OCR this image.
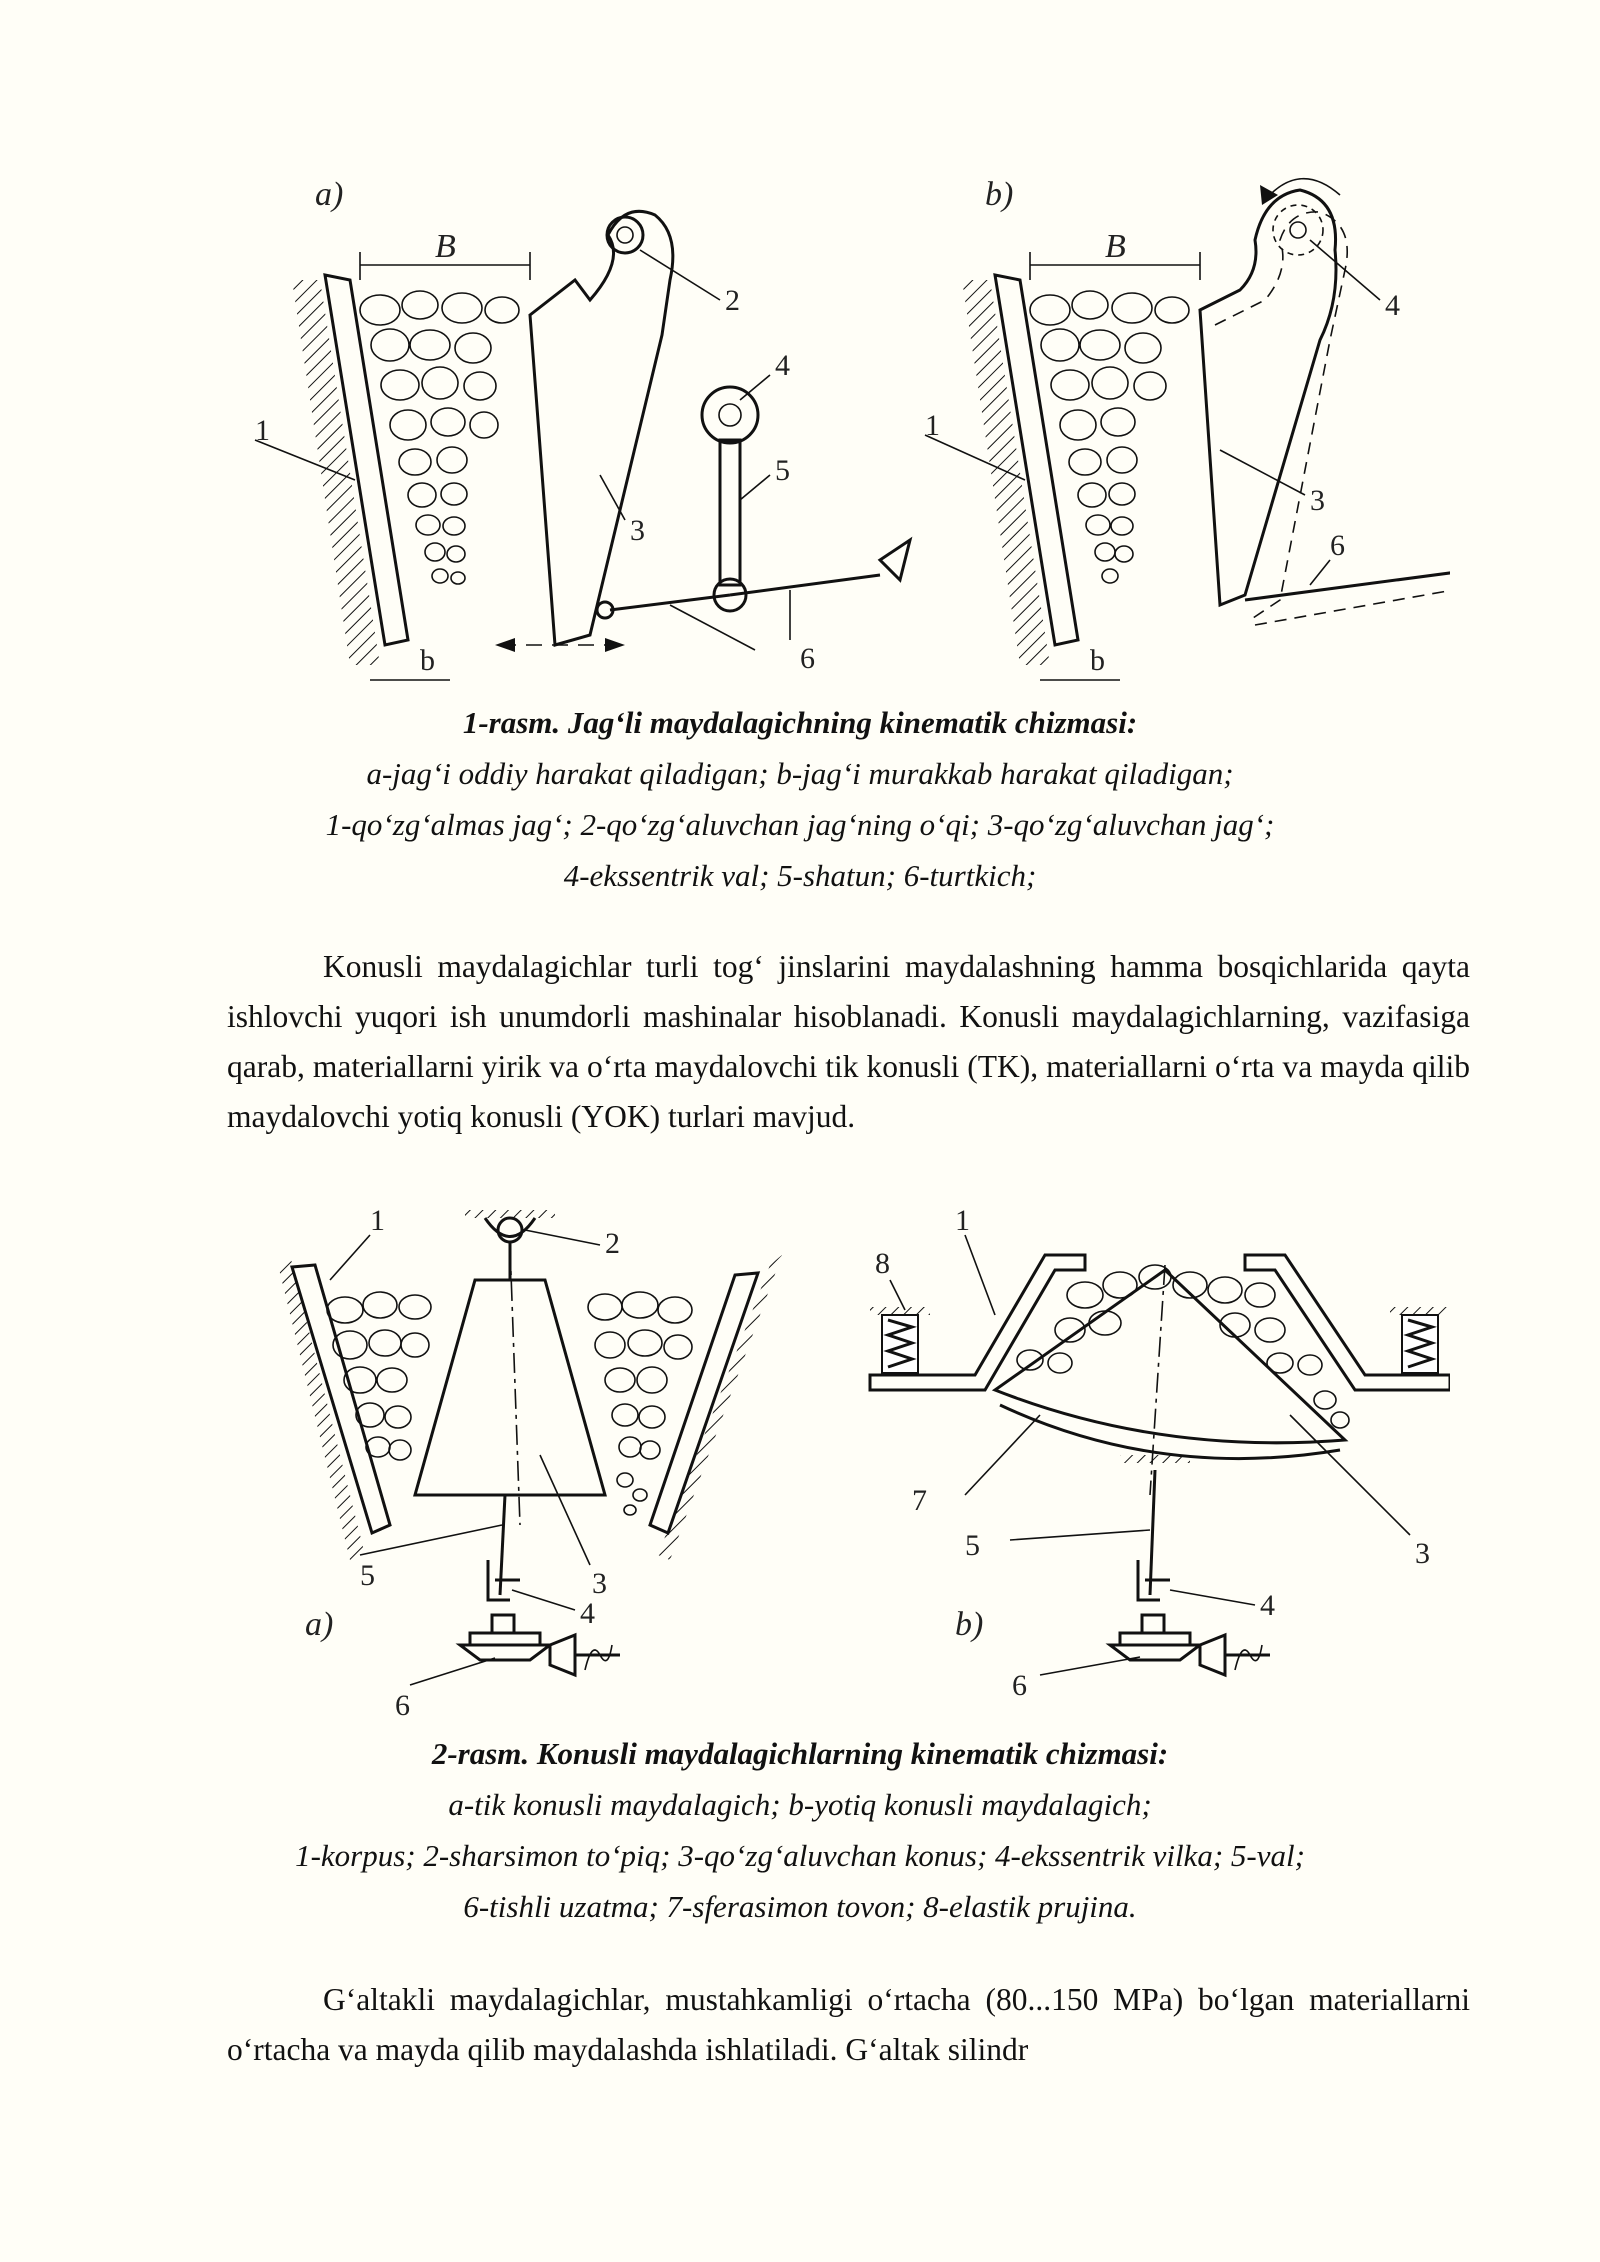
a)
B
b
1
2
3
4
5
6
b)
B
b
1
3
4
6
1-rasm. Jag‘li maydalagichning kinematik chizmasi:
a-jag‘i oddiy harakat qiladigan; b-jag‘i murakkab harakat qiladigan;
1-qo‘zg‘almas jag‘; 2-qo‘zg‘aluvchan jag‘ning o‘qi; 3-qo‘zg‘aluvchan jag‘;
4-ekssentrik val; 5-shatun; 6-turtkich;

Konusli maydalagichlar turli tog‘ jinslarini maydalashning hamma bosqichlarida qayta ishlovchi yuqori ish unumdorli mashinalar hisoblanadi. Konusli maydalagichlarning, vazifasiga qarab, materiallarni yirik va o‘rta maydalovchi tik konusli (TK), materiallarni o‘rta va mayda qilib maydalovchi yotiq konusli (YOK) turlari mavjud.

a)
1
2
3
4
5
6
b)
1
3
4
5
6
7
8
2-rasm. Konusli maydalagichlarning kinematik chizmasi:
a-tik konusli maydalagich; b-yotiq konusli maydalagich;
1-korpus; 2-sharsimon to‘piq; 3-qo‘zg‘aluvchan konus; 4-ekssentrik vilka; 5-val;
6-tishli uzatma; 7-sferasimon tovon; 8-elastik prujina.

G‘altakli maydalagichlar, mustahkamligi o‘rtacha (80...150 MPa) bo‘lgan materiallarni o‘rtacha va mayda qilib maydalashda ishlatiladi. G‘altak silindr
